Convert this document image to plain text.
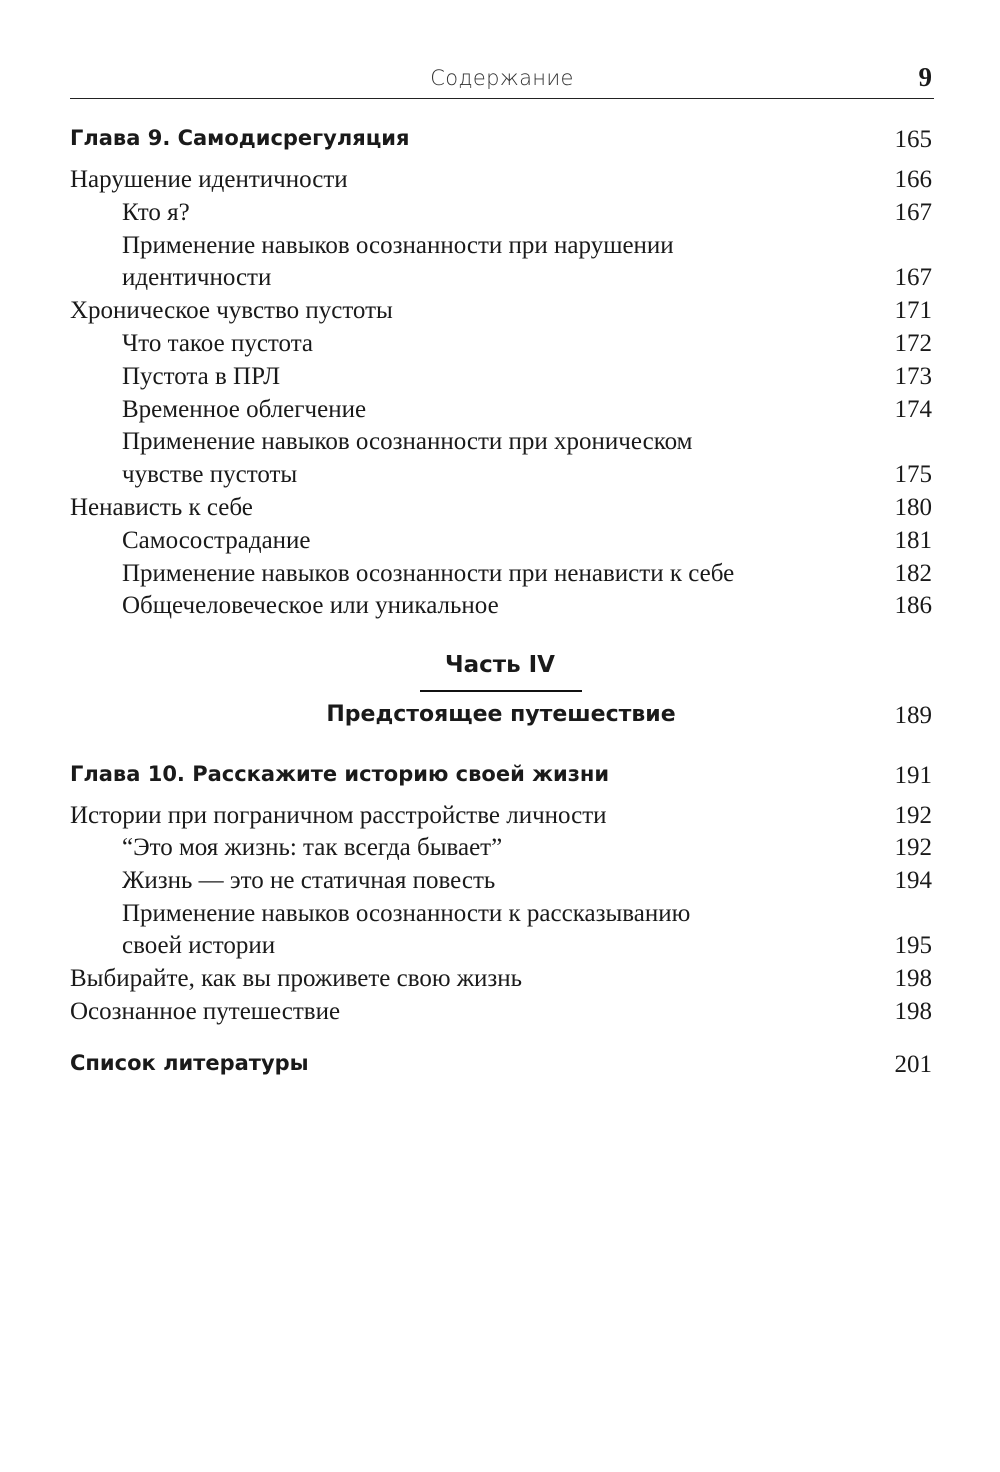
Содержание	9
Глава 9. Самодисрегуляция	165
Нарушение идентичности	166
Кто я?	167
Применение навыков осознанности при нарушении
идентичности	167
Хроническое чувство пустоты	171
Что такое пустота	172
Пустота в ПРЛ	173
Временное облегчение	174
Применение навыков осознанности при хроническом
чувстве пустоты	175
Ненависть к себе	180
Самосострадание	181
Применение навыков осознанности при ненависти к себе	182
Общечеловеческое или уникальное	186
Часть IV
Предстоящее путешествие	189
Глава 10. Расскажите историю своей жизни	191
Истории при пограничном расстройстве личности	192
“Это моя жизнь: так всегда бывает”	192
Жизнь — это не статичная повесть	194
Применение навыков осознанности к рассказыванию
своей истории	195
Выбирайте, как вы проживете свою жизнь	198
Осознанное путешествие	198
Список литературы	201
